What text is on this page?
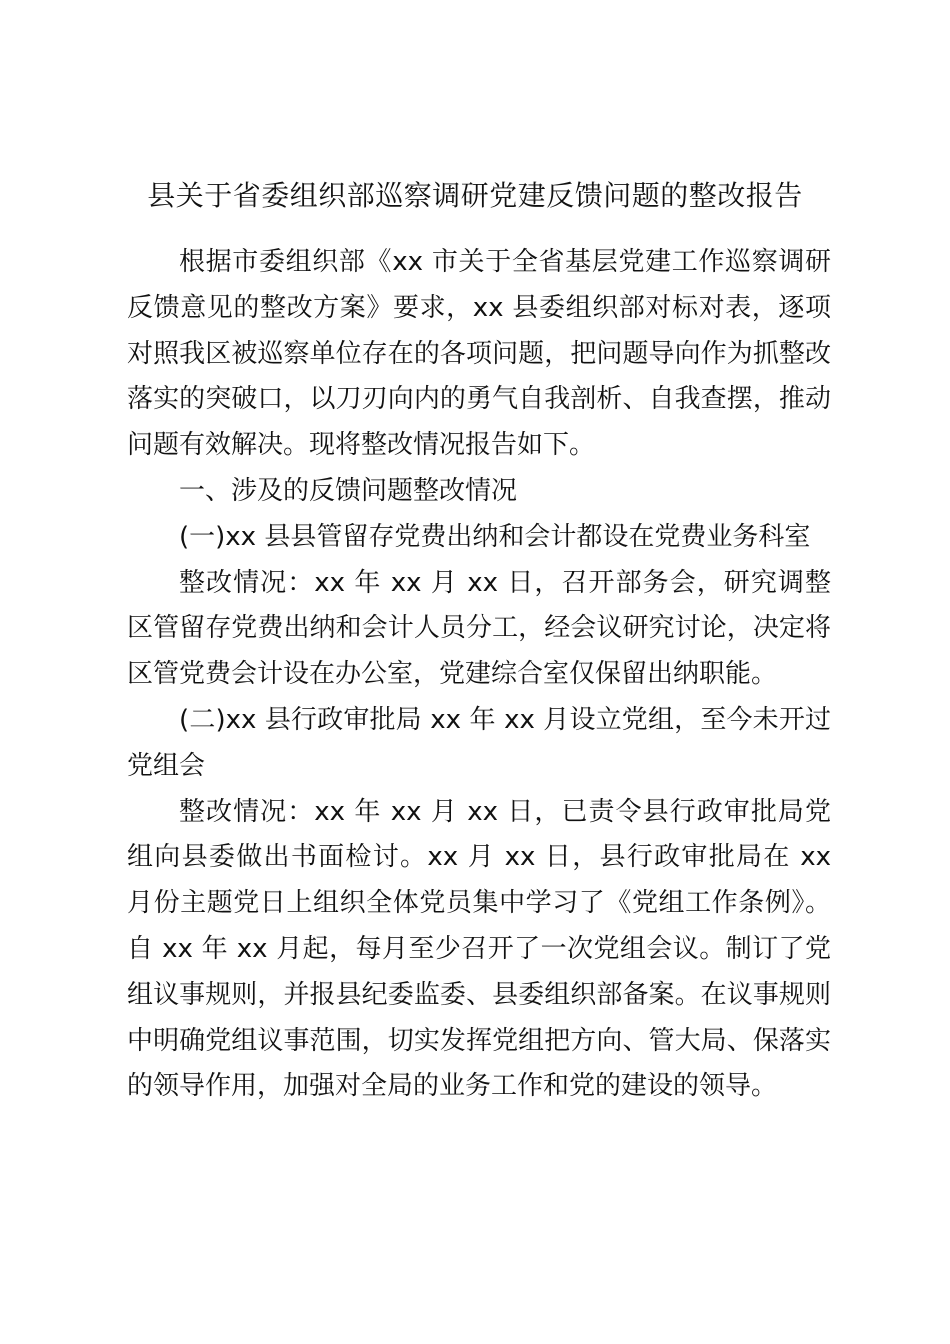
县关于省委组织部巡察调研党建反馈问题的整改报告

根据市委组织部《xx 市关于全省基层党建工作巡察调研反馈意见的整改方案》要求，xx 县委组织部对标对表，逐项对照我区被巡察单位存在的各项问题，把问题导向作为抓整改落实的突破口，以刀刃向内的勇气自我剖析、自我查摆，推动问题有效解决。现将整改情况报告如下。

一、涉及的反馈问题整改情况

(一)xx 县县管留存党费出纳和会计都设在党费业务科室

整改情况：xx 年 xx 月 xx 日，召开部务会，研究调整区管留存党费出纳和会计人员分工，经会议研究讨论，决定将区管党费会计设在办公室，党建综合室仅保留出纳职能。

(二)xx 县行政审批局 xx 年 xx 月设立党组，至今未开过党组会

整改情况：xx 年 xx 月 xx 日，已责令县行政审批局党组向县委做出书面检讨。xx 月 xx 日，县行政审批局在 xx 月份主题党日上组织全体党员集中学习了《党组工作条例》。自 xx 年 xx 月起，每月至少召开了一次党组会议。制订了党组议事规则，并报县纪委监委、县委组织部备案。在议事规则中明确党组议事范围，切实发挥党组把方向、管大局、保落实的领导作用，加强对全局的业务工作和党的建设的领导。
